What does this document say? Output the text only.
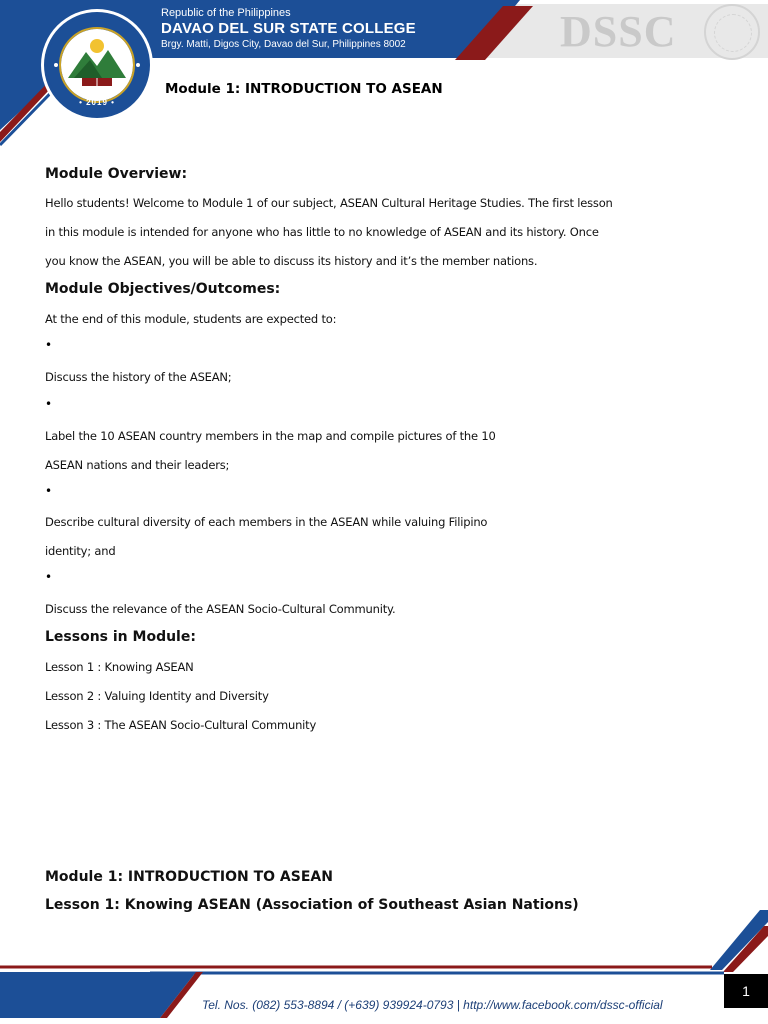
• 2019 •
Republic of the Philippines
DAVAO DEL SUR STATE COLLEGE
Brgy. Matti, Digos City, Davao del Sur, Philippines 8002	DSSC
Module 1: INTRODUCTION TO ASEAN
Module Overview:
Hello students! Welcome to Module 1 of our subject, ASEAN Cultural Heritage Studies. The first lesson
in this module is intended for anyone who has little to no knowledge of ASEAN and its history. Once
you know the ASEAN, you will be able to discuss its history and it’s the member nations.
Module Objectives/Outcomes:
At the end of this module, students are expected to:
•
Discuss the history of the ASEAN;
•
Label the 10 ASEAN country members in the map and compile pictures of the 10
ASEAN nations and their leaders;
•
Describe cultural diversity of each members in the ASEAN while valuing Filipino
identity; and
•
Discuss the relevance of the ASEAN Socio-Cultural Community.
Lessons in Module:
Lesson 1 : Knowing ASEAN
Lesson 2 : Valuing Identity and Diversity
Lesson 3 : The ASEAN Socio-Cultural Community
Module 1: INTRODUCTION TO ASEAN
Lesson 1: Knowing ASEAN (Association of Southeast Asian Nations)
Tel. Nos. (082) 553-8894 / (+639) 939924-0793 | http://www.facebook.com/dssc-official
1
